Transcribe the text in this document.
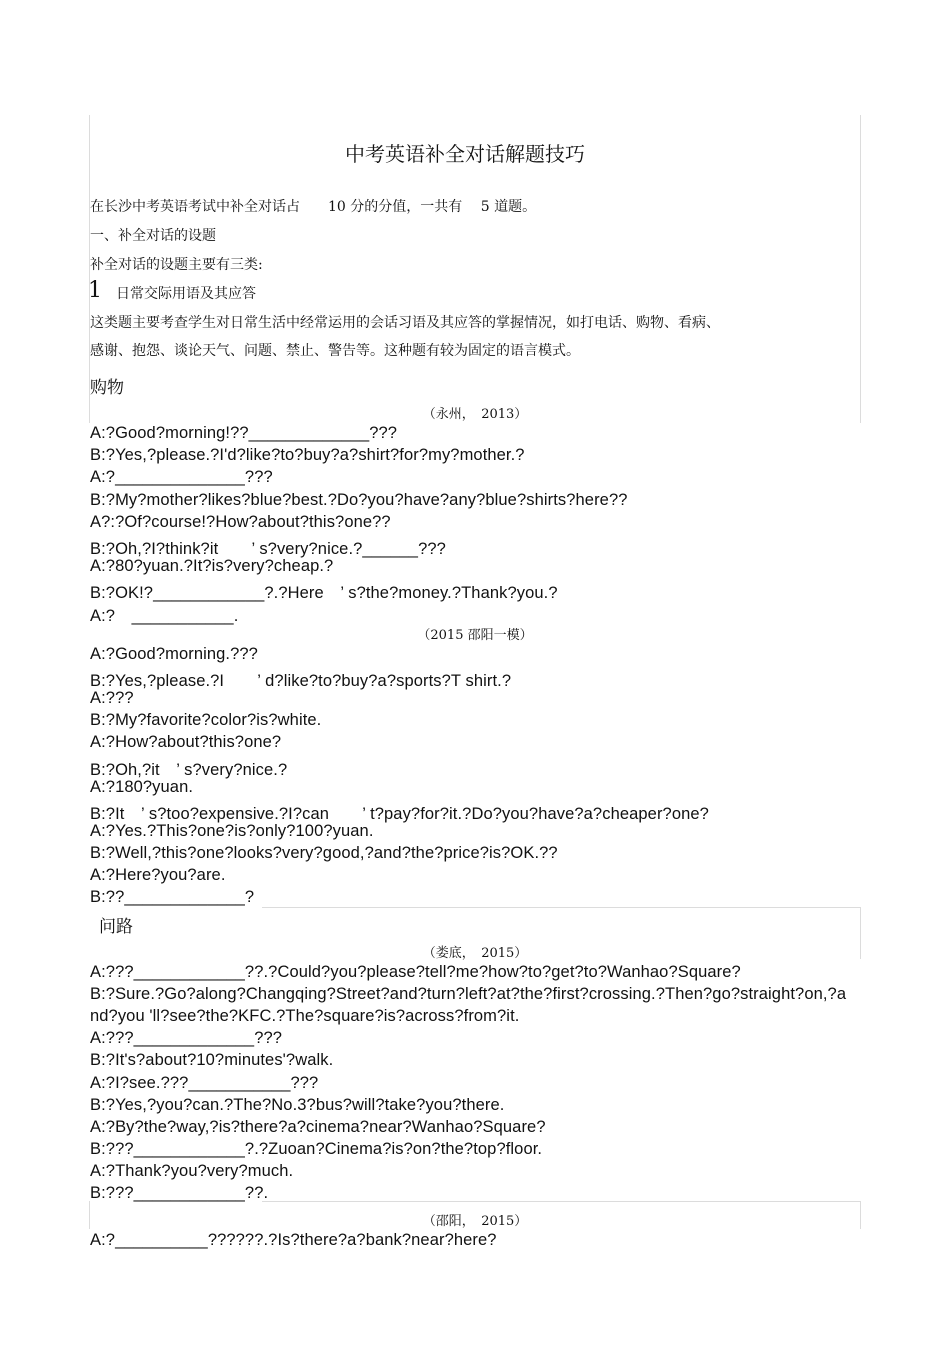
中考英语补全对话解题技巧
在长沙中考英语考试中补全对话占　　10 分的分值，一共有　 5 道题。
一、补全对话的设题
补全对话的设题主要有三类:
1 日常交际用语及其应答
这类题主要考查学生对日常生活中经常运用的会话习语及其应答的掌握情况，如打电话、购物、看病、
感谢、抱怨、谈论天气、问题、禁止、警告等。这种题有较为固定的语言模式。
购物
（永州，　2013）
A:?Good?morning!??_____________???
B:?Yes,?please.?I'd?like?to?buy?a?shirt?for?my?mother.?
A:?______________???
B:?My?mother?likes?blue?best.?Do?you?have?any?blue?shirts?here??
A?:?Of?course!?How?about?this?one??
B:?Oh,?I?think?it　　’ s?very?nice.?______???
A:?80?yuan.?It?is?very?cheap.?
B:?OK!?____________?.?Here　’ s?the?money.?Thank?you.?
A:?　___________.
（2015 邵阳一模）
A:?Good?morning.???
B:?Yes,?please.?I　　’ d?like?to?buy?a?sports?T shirt.?
A:???
B:?My?favorite?color?is?white.
A:?How?about?this?one?
B:?Oh,?it　’ s?very?nice.?
A:?180?yuan.
B:?It　’ s?too?expensive.?I?can　　’ t?pay?for?it.?Do?you?have?a?cheaper?one?
A:?Yes.?This?one?is?only?100?yuan.
B:?Well,?this?one?looks?very?good,?and?the?price?is?OK.??
A:?Here?you?are.
B:??_____________?
问路
（娄底，　2015）
A:???____________??.?Could?you?please?tell?me?how?to?get?to?Wanhao?Square?
B:?Sure.?Go?along?Changqing?Street?and?turn?left?at?the?first?crossing.?Then?go?straight?on,?a
nd?you 'll?see?the?KFC.?The?square?is?across?from?it.
A:???_____________???
B:?It's?about?10?minutes'?walk.
A:?I?see.???___________???
B:?Yes,?you?can.?The?No.3?bus?will?take?you?there.
A:?By?the?way,?is?there?a?cinema?near?Wanhao?Square?
B:???____________?.?Zuoan?Cinema?is?on?the?top?floor.
A:?Thank?you?very?much.
B:???____________??.
（邵阳，　2015）
A:?__________??????.?Is?there?a?bank?near?here?
